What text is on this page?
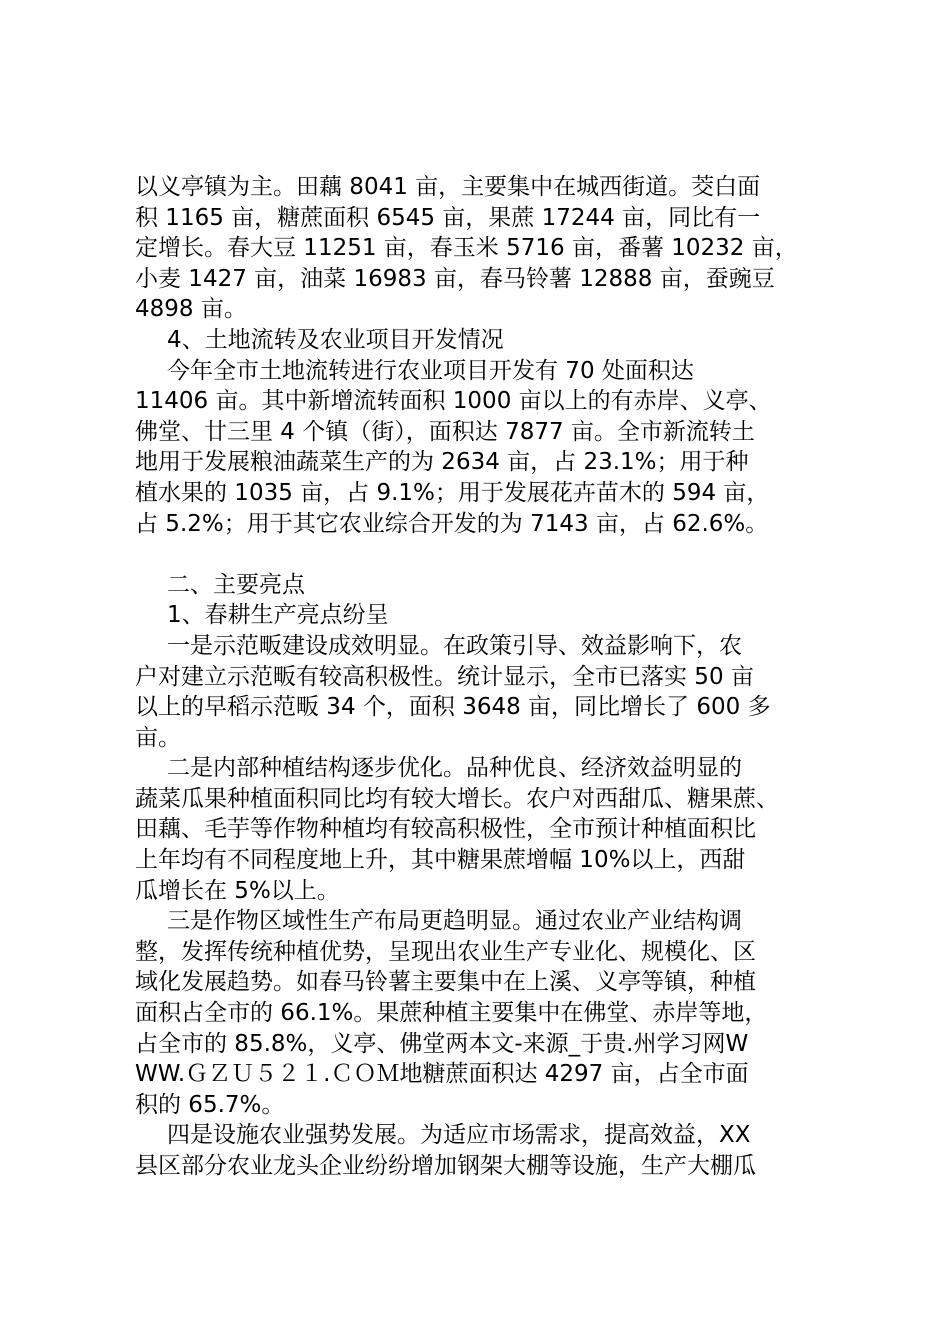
以义亭镇为主。田藕 8041 亩，主要集中在城西街道。茭白面
积 1165 亩，糖蔗面积 6545 亩，果蔗 17244 亩，同比有一
定增长。春大豆 11251 亩，春玉米 5716 亩，番薯 10232 亩，
小麦 1427 亩，油菜 16983 亩，春马铃薯 12888 亩，蚕豌豆
4898 亩。
4、土地流转及农业项目开发情况
今年全市土地流转进行农业项目开发有 70 处面积达
11406 亩。其中新增流转面积 1000 亩以上的有赤岸、义亭、
佛堂、廿三里 4 个镇（街），面积达 7877 亩。全市新流转土
地用于发展粮油蔬菜生产的为 2634 亩，占 23.1%；用于种
植水果的 1035 亩，占 9.1%；用于发展花卉苗木的 594 亩，
占 5.2%；用于其它农业综合开发的为 7143 亩，占 62.6%。
二、主要亮点
1、春耕生产亮点纷呈
一是示范畈建设成效明显。在政策引导、效益影响下，农
户对建立示范畈有较高积极性。统计显示，全市已落实 50 亩
以上的早稻示范畈 34 个，面积 3648 亩，同比增长了 600 多
亩。
二是内部种植结构逐步优化。品种优良、经济效益明显的
蔬菜瓜果种植面积同比均有较大增长。农户对西甜瓜、糖果蔗、
田藕、毛芋等作物种植均有较高积极性，全市预计种植面积比
上年均有不同程度地上升，其中糖果蔗增幅 10%以上，西甜
瓜增长在 5%以上。
三是作物区域性生产布局更趋明显。通过农业产业结构调
整，发挥传统种植优势，呈现出农业生产专业化、规模化、区
域化发展趋势。如春马铃薯主要集中在上溪、义亭等镇，种植
面积占全市的 66.1%。果蔗种植主要集中在佛堂、赤岸等地，
占全市的 85.8%，义亭、佛堂两本文-来源_于贵.州学习网W
WW.ＧＺＵ５２１.ＣＯＭ地糖蔗面积达 4297 亩，占全市面
积的 65.7%。
四是设施农业强势发展。为适应市场需求，提高效益，XX
县区部分农业龙头企业纷纷增加钢架大棚等设施，生产大棚瓜
